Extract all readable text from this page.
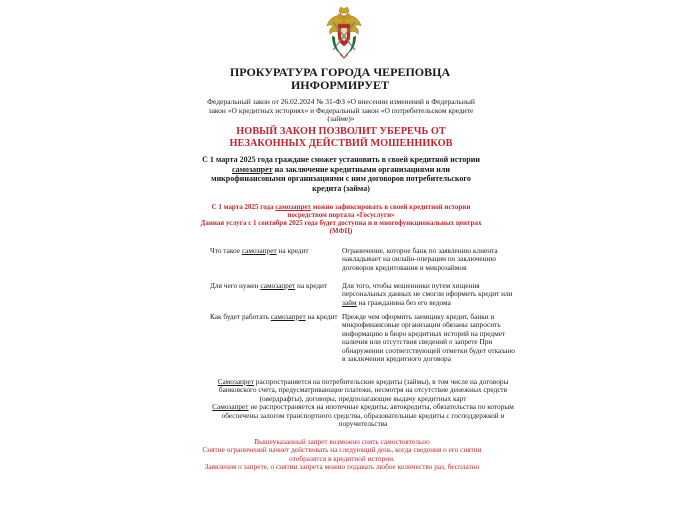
ПРОКУРАТУРА ГОРОДА ЧЕРЕПОВЦА
ИНФОРМИРУЕТ
Федеральный закон от 26.02.2024 № 31-ФЗ «О внесении изменений в Федеральный закон «О кредитных историях» и Федеральный закон «О потребительском кредите (займе)»
НОВЫЙ ЗАКОН ПОЗВОЛИТ УБЕРЕЧЬ ОТ НЕЗАКОННЫХ ДЕЙСТВИЙ МОШЕННИКОВ
С 1 марта 2025 года граждане сможет установить в своей кредитной истории самозапрет на заключение кредитными организациями или микрофинансовыми организациями с ним договоров потребительского кредита (займа)
С 1 марта 2025 года самозапрет можно зафиксировать в своей кредитной истории посредством портала «Госуслуги»
Данная услуга с 1 сентября 2025 года будет доступна и в многофункциональных центрах (МФЦ)
Что такое самозапрет на кредит	Ограничение, которое банк по заявлению клиента накладывает на онлайн-операции по заключению договоров кредитования и микрозаймов
Для чего нужен самозапрет на кредит	Для того, чтобы мошенники путем хищения персональных данных не смогли оформить кредит или займ на гражданина без его ведома
Как будет работать самозапрет на кредит Прежде чем оформить заемщику кредит, банки и микрофинансовые организации обязаны запросить информацию в бюро кредитных историй на предмет наличия или отсутствия сведений о запрете При обнаружении соответствующей отметки будет отказано в заключении кредитного договора
Самозапрет распространяется на потребительские кредиты (займы), в том числе на договоры банковского счета, предусматривающие платежи, несмотря на отсутствие денежных средств (овердрафты), договоры, предполагающие выдачу кредитных карт
Самозапрет не распространяется на ипотечные кредиты, автокредиты, обязательства по которым обеспечены залогом транспортного средства, образовательные кредиты с господдержкой и поручительства
Вышеуказанный запрет возможно снять самостоятельно
Снятие ограничений начнет действовать на следующий день, когда сведения о его снятии отобразятся в кредитной истории.
Заявления о запрете, о снятии запрета можно подавать любое количество раз, бесплатно
